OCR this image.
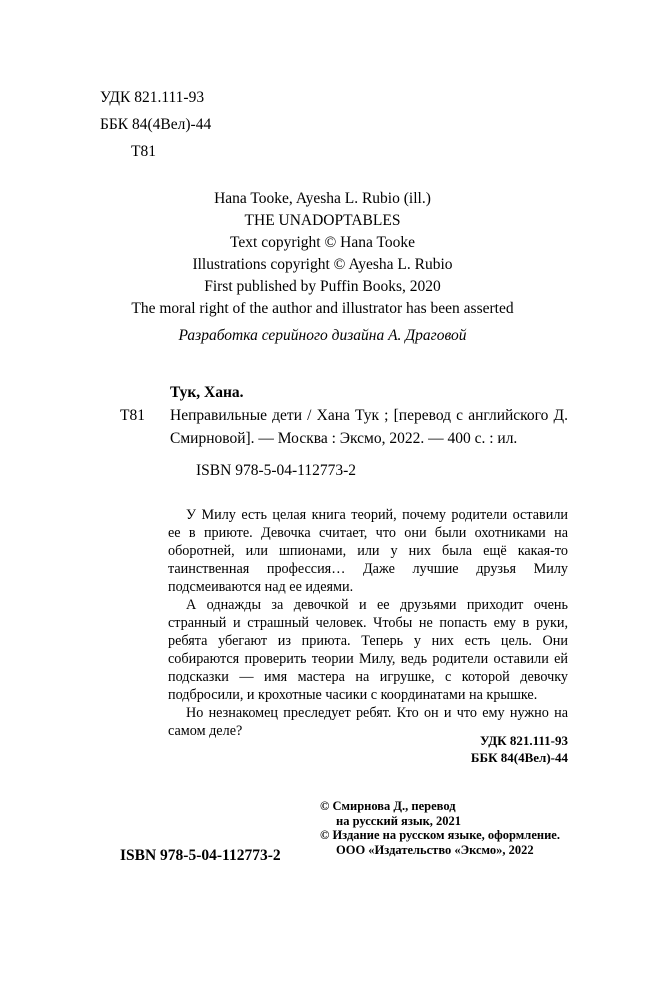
УДК 821.111-93
ББК 84(4Вел)-44
Т81
Hana Tooke, Ayesha L. Rubio (ill.)
THE UNADOPTABLES
Text copyright © Hana Tooke
Illustrations copyright © Ayesha L. Rubio
First published by Puffin Books, 2020
The moral right of the author and illustrator has been asserted
Разработка серийного дизайна А. Драговой
Тук, Хана.
Т81 Неправильные дети / Хана Тук ; [перевод с английского Д. Смирновой]. — Москва : Эксмо, 2022. — 400 с. : ил.
ISBN 978-5-04-112773-2

У Милу есть целая книга теорий, почему родители оставили ее в приюте. Девочка считает, что они были охотниками на оборотней, или шпионами, или у них была ещё какая-то таинственная профессия… Даже лучшие друзья Милу подсмеиваются над ее идеями.

А однажды за девочкой и ее друзьями приходит очень странный и страшный человек. Чтобы не попасть ему в руки, ребята убегают из приюта. Теперь у них есть цель. Они собираются проверить теории Милу, ведь родители оставили ей подсказки — имя мастера на игрушке, с которой девочку подбросили, и крохотные часики с координатами на крышке.

Но незнакомец преследует ребят. Кто он и что ему нужно на самом деле?

УДК 821.111-93
ББК 84(4Вел)-44
© Смирнова Д., перевод
на русский язык, 2021
© Издание на русском языке, оформление.
ООО «Издательство «Эксмо», 2022
ISBN 978-5-04-112773-2
